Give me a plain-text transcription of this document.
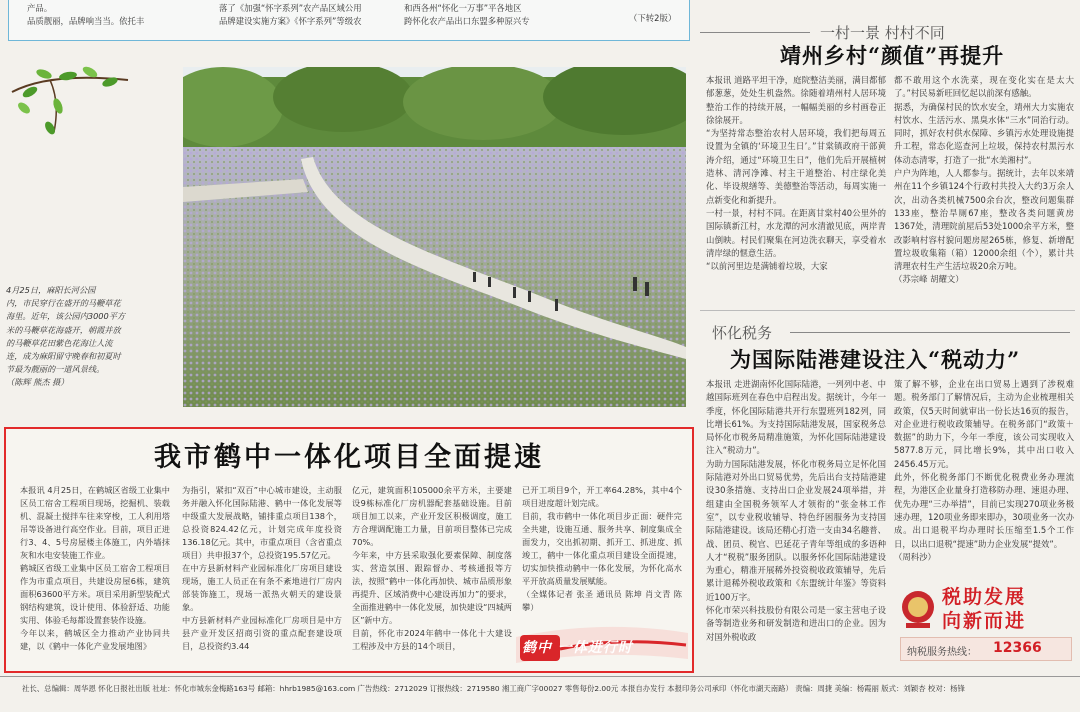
产品。
品质靓丽，品牌响当当。依托丰
落了《加强“怀字系列”农产品区域公用
品牌建设实施方案》《怀字系列”等级农
和西各州“怀化一万事”平各地区
跨怀化农产品出口东盟多种原兴专	（下转2版）
4月25日，麻阳长河公园
内，市民穿行在盛开的马鞭草花
海里。近年，该公园内3000平方
米的马鞭草花海盛开，朝霞并放
的马鞭草花田紫色花海让人流
连，成为麻阳留守晚春和初夏时
节最为靓丽的一道风景线。
（陈辉 熊杰 摄）
我市鹤中一体化项目全面提速
本报讯 4月25日，在鹤城区省级工业集中区员工宿舍工程项目现场，挖掘机、装载机、混凝土搅拌车往来穿梭，工人利用塔吊等设备进行高空作业。目前，项目正进行3、4、5号房屋楼主体施工，内外墙抹灰和水电安装施工作业。
鹤城区省级工业集中区员工宿舍工程项目作为市重点项目，共建设房屋6栋，建筑面积63600平方米。项目采用新型装配式钢结构建筑，设计使用、体验舒适、功能实用、体验毛每都设置套装作设施。
今年以来，鹤城区全力推动产业协同共建，以《鹤中一体化产业发展地图》
为指引，紧扣“双百”中心城市建设，主动服务并融入怀化国际陆港、鹤中一体化发展等中级重大发展战略，铺排重点项目138个，总投资824.42亿元，计划完成年度投资136.18亿元。其中，市重点项目（含省重点项目）共申报37个，总投资195.57亿元。
在中方县新材料产业园标准化厂房项目建设现场，施工人员正在有条不紊地进行厂房内部装饰施工，现场一派热火朝天的建设景象。
中方县新材料产业园标准化厂房项目是中方县产业开发区招商引资的重点配套建设项目，总投资约3.44
亿元，建筑面积105000余平方米，主要建设9栋标准化厂房机器配套基础设施。目前项目加工以来，产业开发区积极调度，施工方合理调配施工力量，目前项目整体已完成70%。
今年来，中方县采取强化要素保障、制度落实、营造氛围、跟踪督办、考核通报等方法，按照“鹤中一体化再加快、城市品质形象再提升、区域消费中心建设再加力”的要求，全面推进鹤中一体化发展，加快建设“四城两区”新中方。
目前，怀化市2024年鹤中一体化十大建设工程涉及中方县的14个项目，
已开工项目9个，开工率64.28%，其中4个项目进度超计划完成。
目前，我市鹤中一体化项目步正面：硬件完全共建，设施互通、服务共享、制度集成全面发力，交出抓初期、抓开工、抓进度、抓竣工，鹤中一体化重点项目建设全面提速，切实加快推动鹤中一体化发展，为怀化高水平开放高质量发展赋能。
（全媒体记者 张圣 通讯员 陈坤 肖文青 陈攀）
鹤中 一体进行时
一村一景 村村不同
靖州乡村“颜值”再提升
本报讯 道路平坦干净，庭院整洁美丽，满目都郁郁葱葱，处处生机盎然。徐随着靖州村人居环境整治工作的持续开展，一幅幅美丽的乡村画卷正徐徐展开。
“为坚持常态整治农村人居环境，我们把每周五设置为全镇的‘环境卫生日’。”甘棠镇政府干部黄涛介绍，通过“环境卫生日”，他们先后开展植树造林、清河净滩、村主干道整治、村庄绿化美化、毕设规缮等、美德整治等活动，每周实施一点新变化和新提升。
一村一景，村村不同。在距离甘棠村40公里外的国际镇新江村，水龙潭的河水清澈见底，两岸青山倒映。村民们聚集在河边洗衣聊天，享受着水清岸绿的惬意生活。
“以前河里边是满铺着垃圾，大家
都不敢用这个水洗菜，现在变化实在是太大了。”村民易新旺回忆起以前深有感触。
据悉，为确保村民的饮水安全，靖州大力实施农村饮水、生活污水、黑臭水体“三水”同治行动。同时，抓好农村供水保障、乡镇污水处理设施提升工程，常态化巡查河上垃圾，保持农村黑污水体动态清零，打造了一批“水美湘村”。
户户为阵地，人人都参与。据统计，去年以来靖州在11个乡镇124个行政村共投入大约3万余人次，出动各类机械7500余台次，整改问题集群133座，整治旱厕67座，整改各类问题黄房1367处，清理院前屋后53处1000余平方米，整改影响村容村貌问题房屋265栋，修复、新增配置垃圾收集箱（箱）12000余组（个），累计共清理农村生产生活垃圾20余万吨。
（苏宗峰 胡耀文）
怀化税务
为国际陆港建设注入“税动力”
本报讯 走进湖南怀化国际陆港，一列列中老、中越国际班列在春色中启程出发。据统计，今年一季度，怀化国际陆港共开行东盟班列182列，同比增长61%。为支持国际陆港发展，国家税务总局怀化市税务局精准施策，为怀化国际陆港建设注入“税动力”。
为助力国际陆港发展，怀化市税务局立足怀化国际陆港对外出口贸易优势，先后出台支持陆港建设30条措施、支持出口企业发展24项举措，并组建由全国税务领军人才领衔的“张金林工作室”，以专业税收辅导、特色纾困服务为支持国际陆港建设。该局还精心打造一支由34名趣普、战、团员、税官、巴延花子青年等组成的多语种人才“税税”服务团队。以服务怀化国际陆港建设为重心，精准开展稀外投资税收政策辅导，先后累计退稀外税收政策和《东盟统计年鉴》等资料近100万字。
怀化市荣兴科技股份有限公司是一家主营电子设备等制造业务和研发制造和进出口的企业。因为对国外税收政
策了解不够，企业在出口贸易上遇到了涉税难题。税务部门了解情况后，主动为企业梳理相关政策，仅5天时间就审出一份长达16页的报告，对企业进行税收政策辅导。在税务部门“政策＋数据”的助力下，今年一季度，该公司实现收入5877.8万元，同比增长9%，其中出口收入2456.45万元。
此外，怀化税务部门不断优化税费业务办理流程，为港区企业量身打造移防办理、速退办理、优先办理“三办举措”，目前已实现270项业务极速办理，120项业务即来即办，30项业务一次办成。出口退税平均办理时长压缩至1.5个工作日，以出口退税“提速”助力企业发展“提效”。
（周科沙）
税助发展
向新而进
纳税服务热线： 12366
社长、总编辑：周华恩 怀化日报社出版 社址：怀化市城东金梅路163号 邮箱：hhrb1985@163.com 广告热线：2712029 订报热线：2719580 湘工商广字00027 零售每份2.00元 本报自办发行 本报印务公司承印（怀化市湖天南路） 责编：周捷 美编：杨霞丽 版式：刘颖杏 校对：杨锋
